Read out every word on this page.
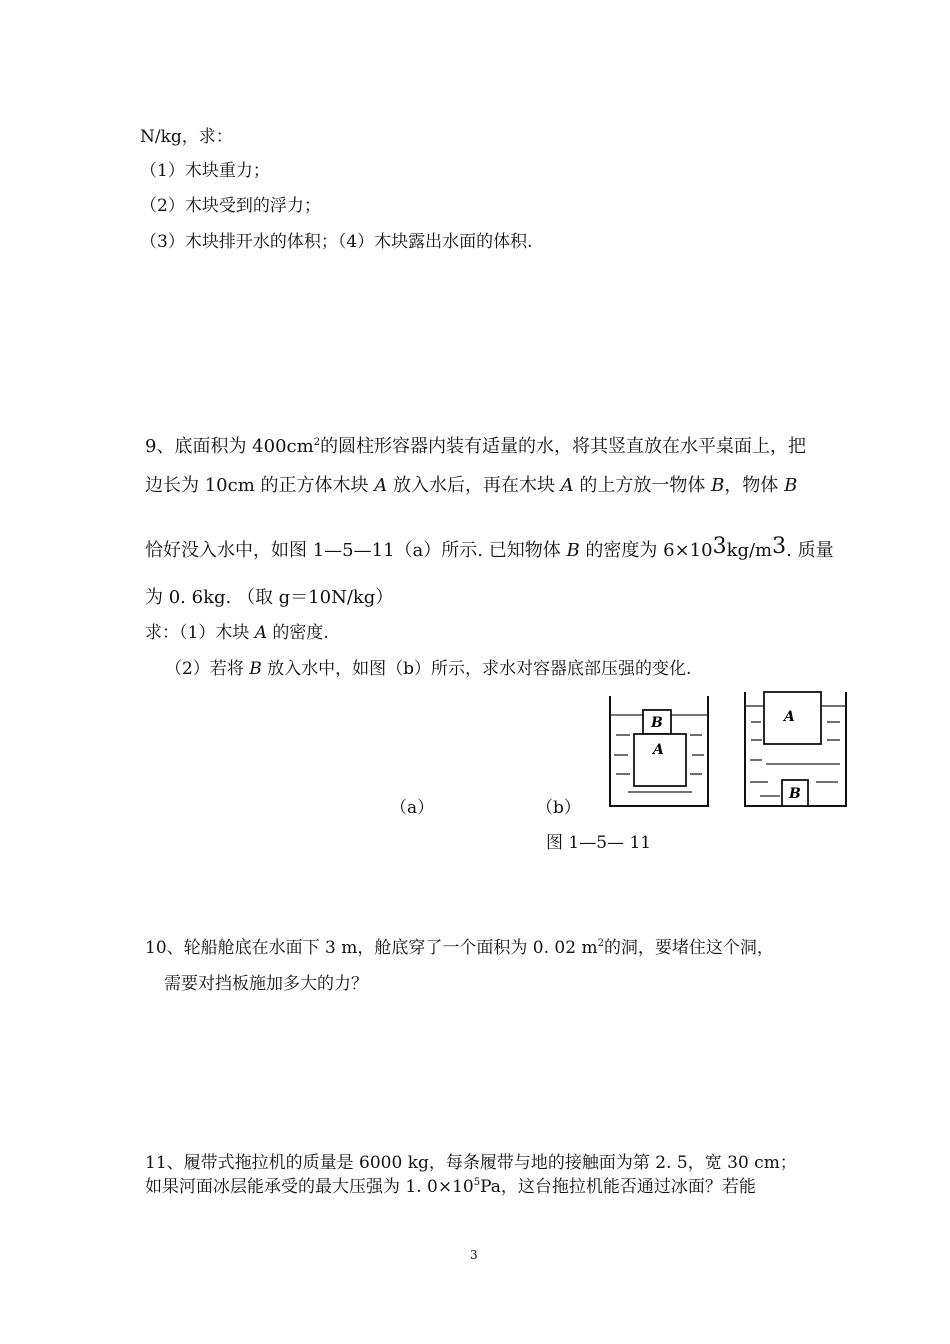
N/kg，求：
（1）木块重力；
（2）木块受到的浮力；
（3）木块排开水的体积；（4）木块露出水面的体积.
9、底面积为 $400cm^2$的圆柱形容器内装有适量的水，将其竖直放在水平桌面上，把
边长为 10cm 的正方体木块 A 放入水后，再在木块 A 的上方放一物体 B，物体 B
恰好没入水中，如图 1—5—11（a）所示. 已知物体 B 的密度为 6×103kg/m3. 质量
为 0. 6kg. （取 g＝10N/kg）
求：（1）木块 A 的密度.
（2）若将 B 放入水中，如图（b）所示，求水对容器底部压强的变化.
B
A
A
B
（a）	（b）
图 1—5— 11
10、轮船舱底在水面下 3 m，舱底穿了一个面积为 0. 02 $m^2$的洞，要堵住这个洞，
需要对挡板施加多大的力？
11、履带式拖拉机的质量是 6000 kg，每条履带与地的接触面为第 2. 5，宽 30 cm；
如果河面冰层能承受的最大压强为 1. $0\times 10^5Pa$，这台拖拉机能否通过冰面？若能
3
